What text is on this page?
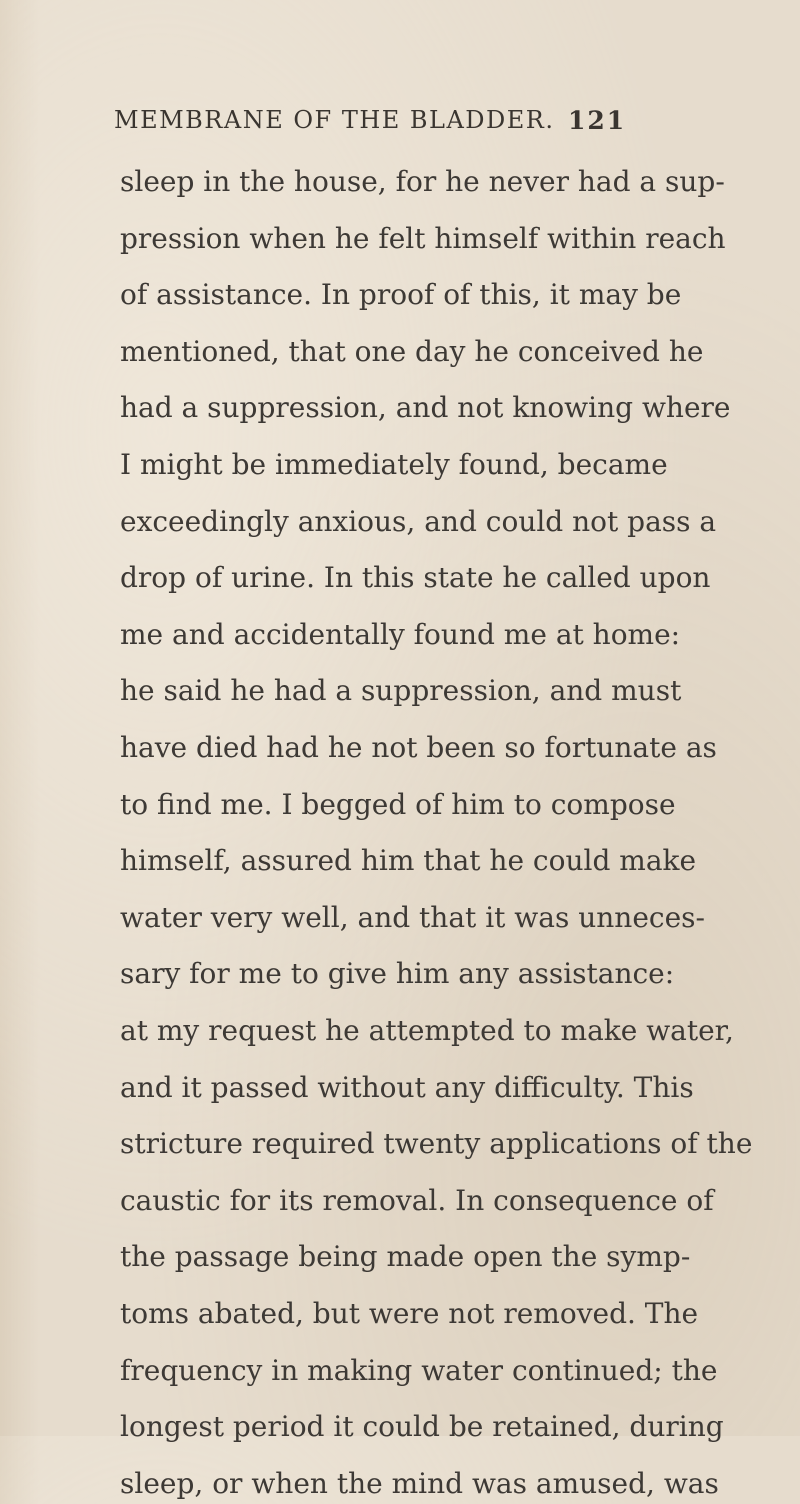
MEMBRANE OF THE BLADDER. 121
sleep in the house, for he never had a sup-
pression when he felt himself within reach
of assistance. In proof of this, it may be
mentioned, that one day he conceived he
had a suppression, and not knowing where
I might be immediately found, became
exceedingly anxious, and could not pass a
drop of urine. In this state he called upon
me and accidentally found me at home:
he said he had a suppression, and must
have died had he not been so fortunate as
to find me. I begged of him to compose
himself, assured him that he could make
water very well, and that it was unneces-
sary for me to give him any assistance:
at my request he attempted to make water,
and it passed without any difficulty. This
stricture required twenty applications of the
caustic for its removal. In consequence of
the passage being made open the symp-
toms abated, but were not removed. The
frequency in making water continued; the
longest period it could be retained, during
sleep, or when the mind was amused, was
